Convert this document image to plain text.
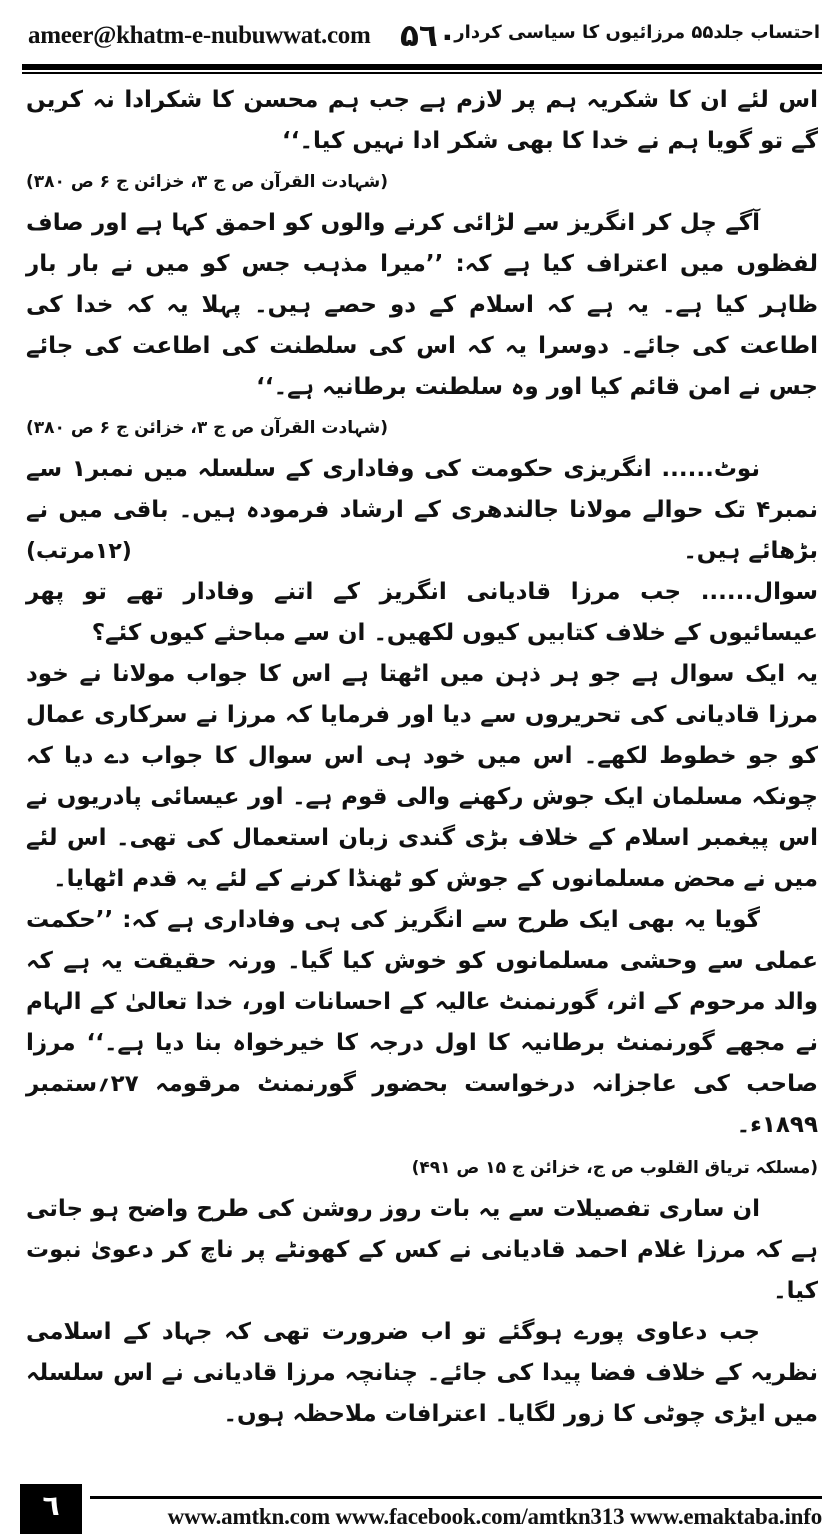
ameer@khatm-e-nubuwwat.com ۵٦٠
احتساب جلد۵۵ مرزائیوں کا سیاسی کردار

اس لئے ان کا شکریہ ہم پر لازم ہے جب ہم محسن کا شکرادا نہ کریں گے تو گویا ہم نے خدا کا بھی شکر ادا نہیں کیا۔‘‘
(شہادت القرآن ص ج ۳، خزائن ج ۶ ص ۳۸۰)

آگے چل کر انگریز سے لڑائی کرنے والوں کو احمق کہا ہے اور صاف لفظوں میں اعتراف کیا ہے کہ: ’’میرا مذہب جس کو میں نے بار بار ظاہر کیا ہے۔ یہ ہے کہ اسلام کے دو حصے ہیں۔ پہلا یہ کہ خدا کی اطاعت کی جائے۔ دوسرا یہ کہ اس کی سلطنت کی اطاعت کی جائے جس نے امن قائم کیا اور وہ سلطنت برطانیہ ہے۔‘‘
(شہادت القرآن ص ج ۳، خزائن ج ۶ ص ۳۸۰)

نوٹ...... انگریزی حکومت کی وفاداری کے سلسلہ میں نمبر۱ سے نمبر۴ تک حوالے مولانا جالندھری کے ارشاد فرمودہ ہیں۔ باقی میں نے بڑھائے ہیں۔
(۱۲مرتب)

سوال...... جب مرزا قادیانی انگریز کے اتنے وفادار تھے تو پھر عیسائیوں کے خلاف کتابیں کیوں لکھیں۔ ان سے مباحثے کیوں کئے؟

یہ ایک سوال ہے جو ہر ذہن میں اٹھتا ہے اس کا جواب مولانا نے خود مرزا قادیانی کی تحریروں سے دیا اور فرمایا کہ مرزا نے سرکاری عمال کو جو خطوط لکھے۔ اس میں خود ہی اس سوال کا جواب دے دیا کہ چونکہ مسلمان ایک جوش رکھنے والی قوم ہے۔ اور عیسائی پادریوں نے اس پیغمبر اسلام کے خلاف بڑی گندی زبان استعمال کی تھی۔ اس لئے میں نے محض مسلمانوں کے جوش کو ٹھنڈا کرنے کے لئے یہ قدم اٹھایا۔

گویا یہ بھی ایک طرح سے انگریز کی ہی وفاداری ہے کہ: ’’حکمت عملی سے وحشی مسلمانوں کو خوش کیا گیا۔ ورنہ حقیقت یہ ہے کہ والد مرحوم کے اثر، گورنمنٹ عالیہ کے احسانات اور، خدا تعالیٰ کے الہام نے مجھے گورنمنٹ برطانیہ کا اول درجہ کا خیرخواہ بنا دیا ہے۔‘‘ مرزا صاحب کی عاجزانہ درخواست بحضور گورنمنٹ مرقومہ ۲۷؍ستمبر ۱۸۹۹ء۔

(مسلکہ تریاق القلوب ص ج، خزائن ج ۱۵ ص ۴۹۱)

ان ساری تفصیلات سے یہ بات روز روشن کی طرح واضح ہو جاتی ہے کہ مرزا غلام احمد قادیانی نے کس کے کھونٹے پر ناچ کر دعویٰ نبوت کیا۔

جب دعاوی پورے ہوگئے تو اب ضرورت تھی کہ جہاد کے اسلامی نظریہ کے خلاف فضا پیدا کی جائے۔ چنانچہ مرزا قادیانی نے اس سلسلہ میں ایڑی چوٹی کا زور لگایا۔ اعترافات ملاحظہ ہوں۔

٦	www.amtkn.com www.facebook.com/amtkn313 www.emaktaba.info
